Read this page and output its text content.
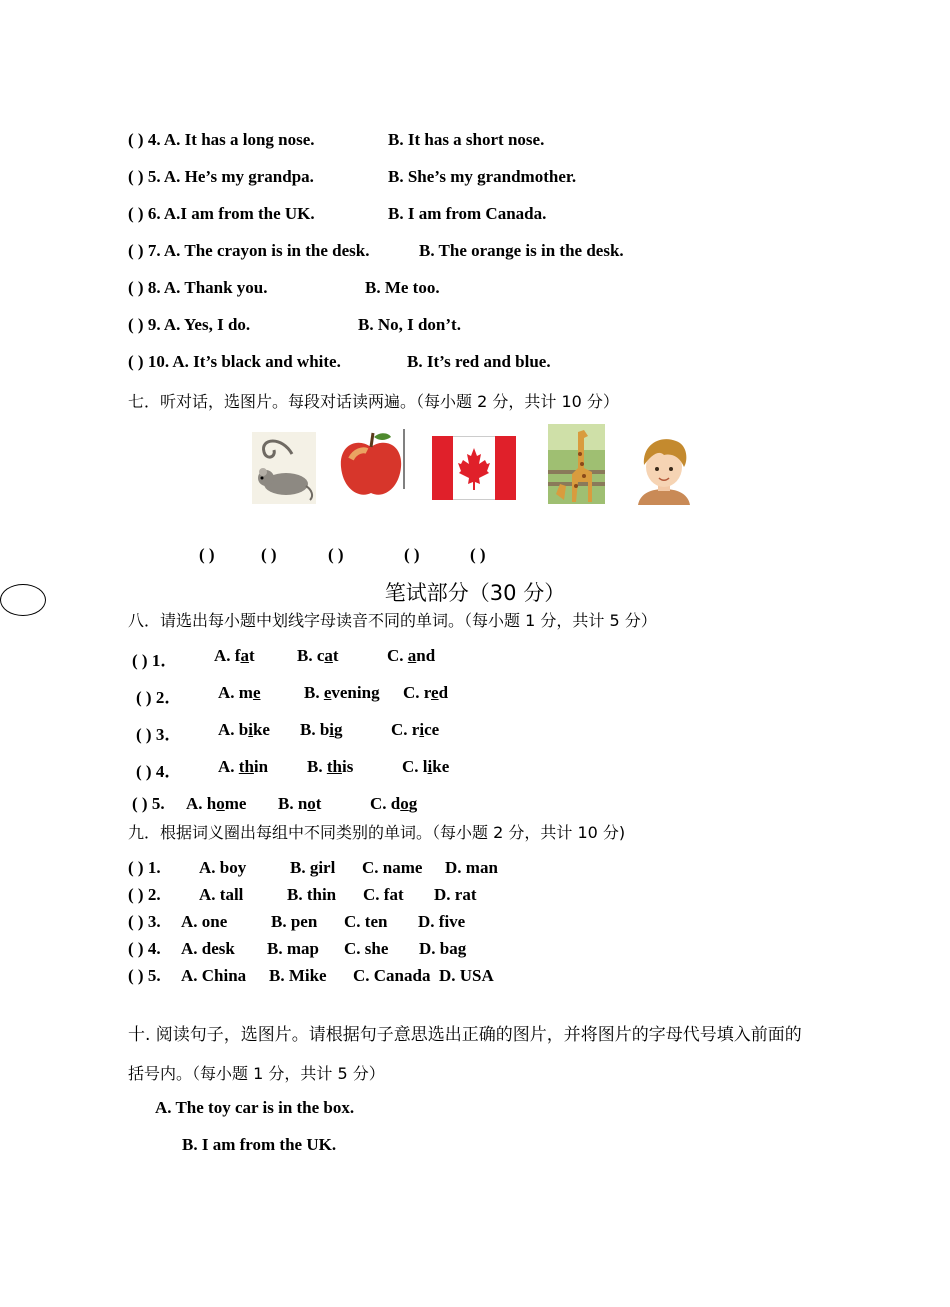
( ) 4. A. It has a long nose.	B. It has a short nose.
( ) 5. A. He’s my grandpa.	B. She’s my grandmother.
( ) 6. A.I am from the UK.	B. I am from Canada.
( ) 7. A. The crayon is in the desk.	B. The orange is in the desk.
( ) 8. A. Thank you.	B. Me too.
( ) 9. A. Yes, I do.	B. No, I don’t.
( ) 10. A. It’s black and white.	B. It’s red and blue.
七．听对话，选图片。每段对话读两遍。（每小题 2 分，共计 10 分）
( )	( )	( )	( )	( )
笔试部分（30 分）
八．请选出每小题中划线字母读音不同的单词。（每小题 1 分，共计 5 分）
( ) 1． A. fat B. cat	C. and
( ) 2． A. me	B. evening C. red
( ) 3． A. bike B. big	C. rice
( ) 4． A. thin B. this	C. like
( ) 5. A. home B. not	C. dog
九．根据词义圈出每组中不同类别的单词。（每小题 2 分，共计 10 分)
( ) 1. A. boy	B. girl C. name D. man
( ) 2. A. tall	B. thin C. fat D. rat
( ) 3. A. one	B. pen C. ten D. five
( ) 4. A. desk B. map C. she D. bag
( ) 5. A. China B. Mike C. Canada D. USA
十. 阅读句子，选图片。请根据句子意思选出正确的图片，并将图片的字母代号填入前面的
括号内。（每小题 1 分，共计 5 分）
A. The toy car is in the box.
B. I am from the UK.
